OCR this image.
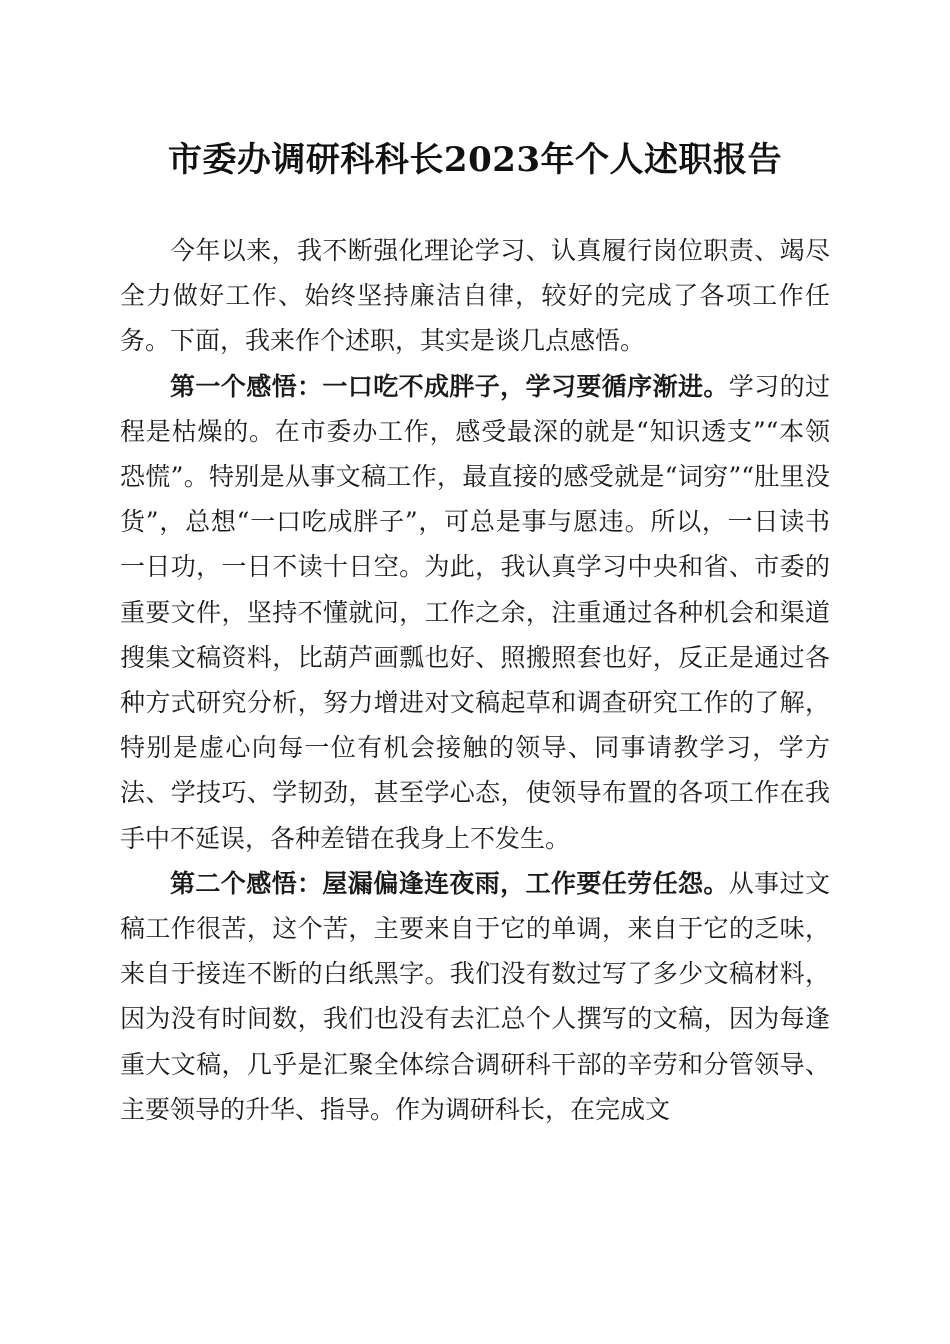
市委办调研科科长2023年个人述职报告

今年以来，我不断强化理论学习、认真履行岗位职责、竭尽全力做好工作、始终坚持廉洁自律，较好的完成了各项工作任务。下面，我来作个述职，其实是谈几点感悟。

第一个感悟：一口吃不成胖子，学习要循序渐进。学习的过程是枯燥的。在市委办工作，感受最深的就是“知识透支”“本领恐慌”。特别是从事文稿工作，最直接的感受就是“词穷”“肚里没货”，总想“一口吃成胖子”，可总是事与愿违。所以，一日读书一日功，一日不读十日空。为此，我认真学习中央和省、市委的重要文件，坚持不懂就问，工作之余，注重通过各种机会和渠道搜集文稿资料，比葫芦画瓢也好、照搬照套也好，反正是通过各种方式研究分析，努力增进对文稿起草和调查研究工作的了解，特别是虚心向每一位有机会接触的领导、同事请教学习，学方法、学技巧、学韧劲，甚至学心态，使领导布置的各项工作在我手中不延误，各种差错在我身上不发生。

第二个感悟：屋漏偏逢连夜雨，工作要任劳任怨。从事过文稿工作很苦，这个苦，主要来自于它的单调，来自于它的乏味，来自于接连不断的白纸黑字。我们没有数过写了多少文稿材料，因为没有时间数，我们也没有去汇总个人撰写的文稿，因为每逢重大文稿，几乎是汇聚全体综合调研科干部的辛劳和分管领导、主要领导的升华、指导。作为调研科长，在完成文
